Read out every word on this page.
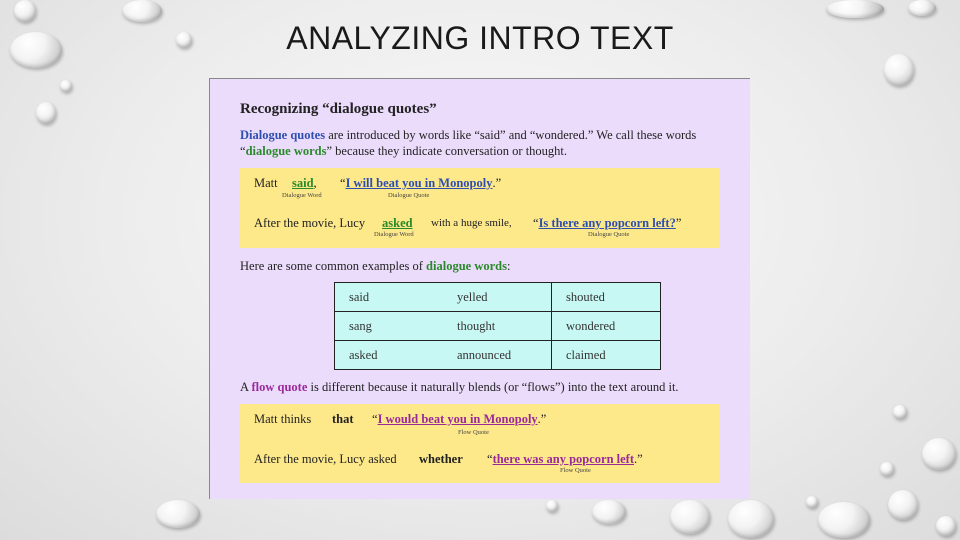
ANALYZING INTRO TEXT
Recognizing “dialogue quotes”
Dialogue quotes are introduced by words like “said” and “wondered.” We call these words “dialogue words” because they indicate conversation or thought.
Matt said, “I will beat you in Monopoly.”
Dialogue Word	Dialogue Quote
After the movie, Lucy asked with a huge smile, “Is there any popcorn left?”
Dialogue Word	Dialogue Quote
Here are some common examples of dialogue words:
said	yelled	shouted
sang	thought	wondered
asked	announced	claimed
A flow quote is different because it naturally blends (or “flows”) into the text around it.
Matt thinks that “I would beat you in Monopoly.”
Flow Quote
After the movie, Lucy asked whether “there was any popcorn left.”
Flow Quote
